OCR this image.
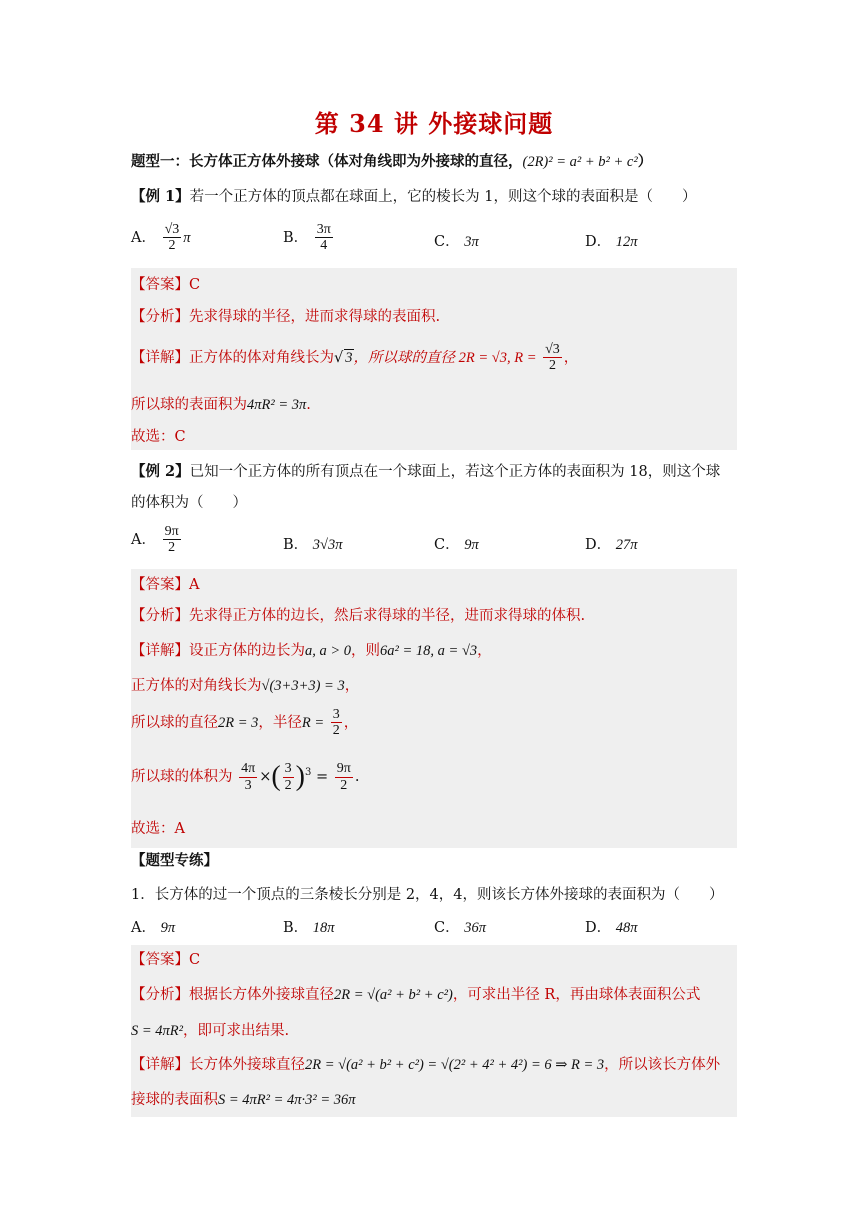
第 34 讲 外接球问题
题型一：长方体正方体外接球（体对角线即为外接球的直径，(2R)² = a² + b² + c²）
【例 1】若一个正方体的顶点都在球面上，它的棱长为 1，则这个球的表面积是（　　）
A． $\frac{√3}{2}$ π	B． $\frac{3\pi}{4}$	C． 3π	D． 12π
【答案】C
【分析】先求得球的半径，进而求得球的表面积.
【详解】正方体的体对角线长为√ 3，所以球的直径 2R = √3, $R = \frac{√3}{2}$ ，
所以球的表面积为4πR² = 3π.
故选：C
【例 2】已知一个正方体的所有顶点在一个球面上，若这个正方体的表面积为 18，则这个球
的体积为（　　）
A． $\frac{9\pi}{2}$	B． 3√3π	C． 9π	D． 27π
【答案】A
【分析】先求得正方体的边长，然后求得球的半径，进而求得球的体积.
【详解】设正方体的边长为a, a > 0，则6a² = 18, a = √3，
正方体的对角线长为√(3+3+3) = 3，
所以球的直径2R = 3，半径$R = \frac{3}{2}$ ，
所以球的体积为 $\frac{4\pi}{3}$ ×( $\frac{3}{2} )^3 = \frac{9\pi}{2}$ .
故选：A
【题型专练】
1．长方体的过一个顶点的三条棱长分别是 2，4，4，则该长方体外接球的表面积为（　　）
A． 9π	B． 18π	C． 36π	D． 48π
【答案】C
【分析】根据长方体外接球直径2R = √(a² + b² + c²)，可求出半径 R，再由球体表面积公式
S = 4πR²，即可求出结果.
【详解】长方体外接球直径2R = √(a² + b² + c²) = √(2² + 4² + 4²) = 6 ⇒ R = 3，所以该长方体外
接球的表面积S = 4πR² = 4π·3² = 36π
